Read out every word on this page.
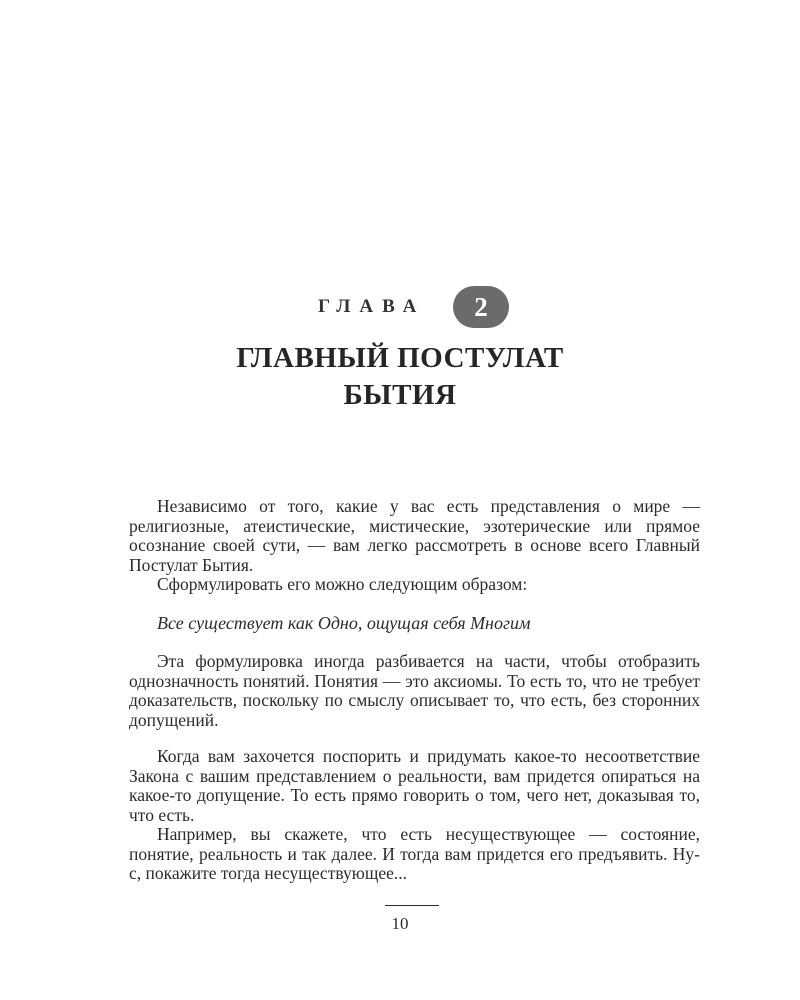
ГЛАВА	2
ГЛАВНЫЙ ПОСТУЛАТ
БЫТИЯ

Независимо от того, какие у вас есть представления о мире — религиозные, атеистические, мистические, эзотерические или прямое осознание своей сути, — вам легко рассмотреть в основе всего Главный Постулат Бытия.

Сформулировать его можно следующим образом:

Все существует как Одно, ощущая себя Многим

Эта формулировка иногда разбивается на части, чтобы отобразить однозначность понятий. Понятия — это аксиомы. То есть то, что не требует доказательств, поскольку по смыслу описывает то, что есть, без сторонних допущений.

Когда вам захочется поспорить и придумать какое-то несоответствие Закона с вашим представлением о реальности, вам придется опираться на какое-то допущение. То есть прямо говорить о том, чего нет, доказывая то, что есть.

Например, вы скажете, что есть несуществующее — состояние, понятие, реальность и так далее. И тогда вам придется его предъявить. Ну-с, покажите тогда несуществующее...

10
